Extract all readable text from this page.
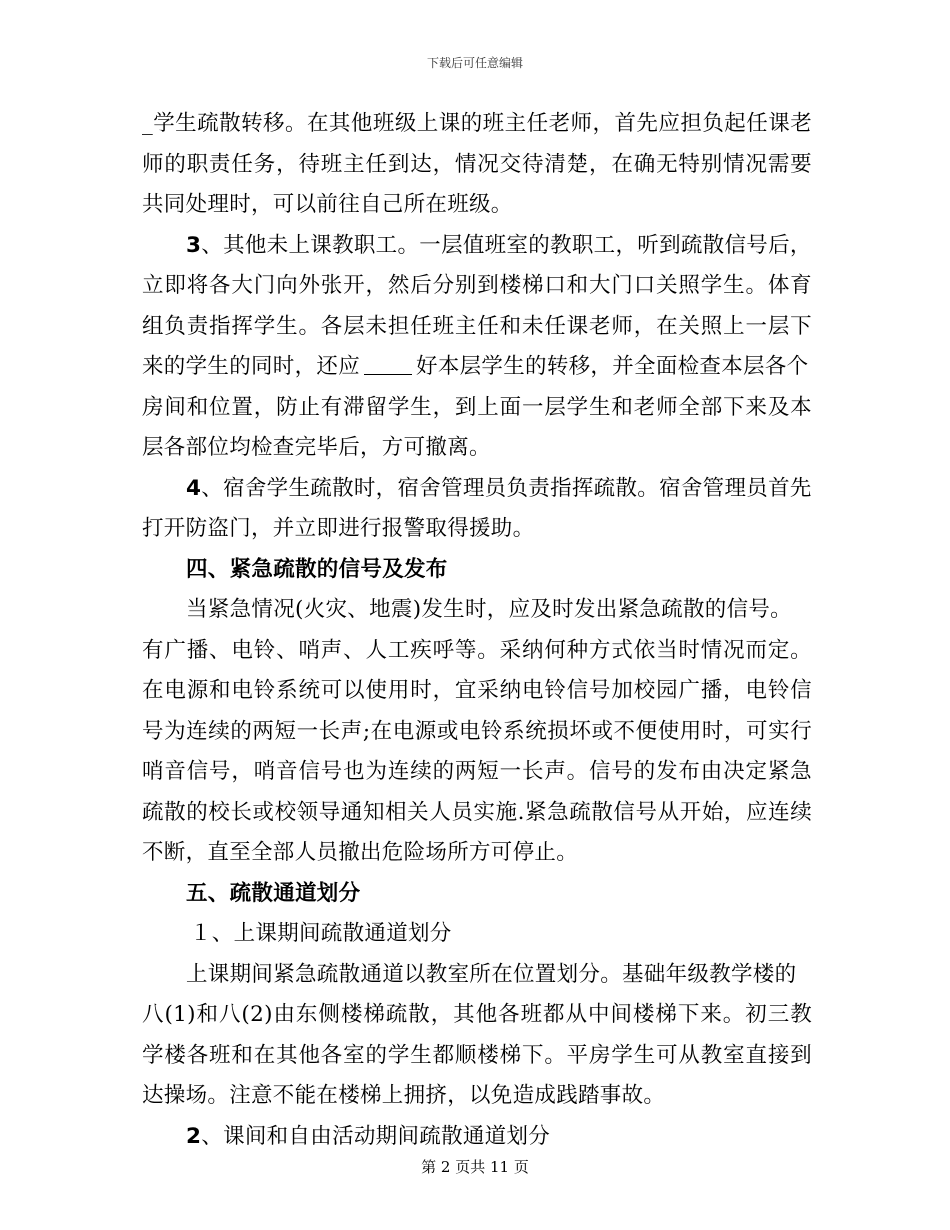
下载后可任意编辑
_学生疏散转移。在其他班级上课的班主任老师，首先应担负起任课老
师的职责任务，待班主任到达，情况交待清楚，在确无特别情况需要
共同处理时，可以前往自己所在班级。
3、其他未上课教职工。一层值班室的教职工，听到疏散信号后，
立即将各大门向外张开，然后分别到楼梯口和大门口关照学生。体育
组负责指挥学生。各层未担任班主任和未任课老师，在关照上一层下
来的学生的同时，还应	好本层学生的转移，并全面检查本层各个
房间和位置，防止有滞留学生，到上面一层学生和老师全部下来及本
层各部位均检查完毕后，方可撤离。
4、宿舍学生疏散时，宿舍管理员负责指挥疏散。宿舍管理员首先
打开防盗门，并立即进行报警取得援助。
四、紧急疏散的信号及发布
当紧急情况(火灾、地震)发生时，应及时发出紧急疏散的信号。
有广播、电铃、哨声、人工疾呼等。采纳何种方式依当时情况而定。
在电源和电铃系统可以使用时，宜采纳电铃信号加校园广播，电铃信
号为连续的两短一长声;在电源或电铃系统损坏或不便使用时，可实行
哨音信号，哨音信号也为连续的两短一长声。信号的发布由决定紧急
疏散的校长或校领导通知相关人员实施.紧急疏散信号从开始，应连续
不断，直至全部人员撤出危险场所方可停止。
五、疏散通道划分
１、上课期间疏散通道划分
上课期间紧急疏散通道以教室所在位置划分。基础年级教学楼的
八(1)和八(2)由东侧楼梯疏散，其他各班都从中间楼梯下来。初三教
学楼各班和在其他各室的学生都顺楼梯下。平房学生可从教室直接到
达操场。注意不能在楼梯上拥挤，以免造成践踏事故。
2、课间和自由活动期间疏散通道划分
第 2 页共 11 页
